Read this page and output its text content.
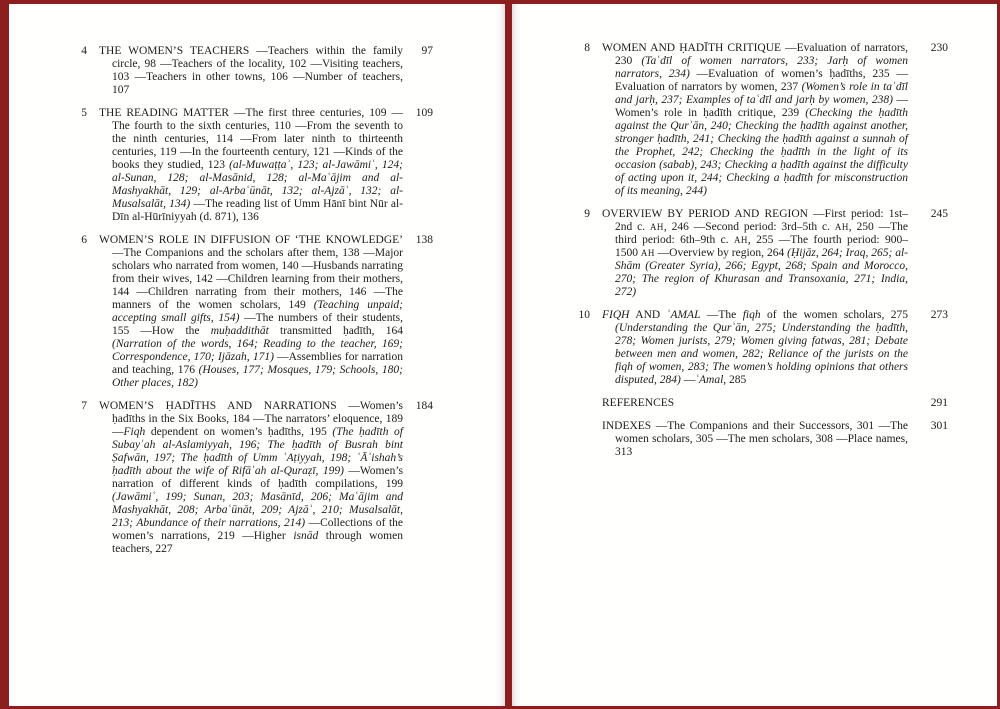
4 THE WOMEN’S TEACHERS —Teachers within the family circle, 98 —Teachers of the locality, 102 —Visiting teachers, 103 —Teachers in other towns, 106 —Number of teachers, 107

97
5 THE READING MATTER —The first three centuries, 109 —The fourth to the sixth centuries, 110 —From the seventh to the ninth centuries, 114 —From later ninth to thirteenth centuries, 119 —In the fourteenth century, 121 —Kinds of the books they studied, 123 (al-Muwaṭṭaʾ, 123; al-Jawāmiʿ, 124; al-Sunan, 128; al-Masānid, 128; al-Maʿājim and al-Mashyakhāt, 129; al-Arbaʿūnāt, 132; al-Ajzāʾ, 132; al-Musalsalāt, 134) —The reading list of Umm Hānī bint Nūr al-Dīn al-Hūrīniyyah (d. 871), 136

109
6 WOMEN’S ROLE IN DIFFUSION OF ‘THE KNOWLEDGE’ —The Companions and the scholars after them, 138 —Major scholars who narrated from women, 140 —Husbands narrating from their wives, 142 —Children learning from their mothers, 144 —Children narrating from their mothers, 146 —The manners of the women scholars, 149 (Teaching unpaid; accepting small gifts, 154) —The numbers of their students, 155 —How the muḥaddithāt transmitted ḥadīth, 164 (Narration of the words, 164; Reading to the teacher, 169; Correspondence, 170; Ijāzah, 171) —Assemblies for narration and teaching, 176 (Houses, 177; Mosques, 179; Schools, 180; Other places, 182)

138
7 WOMEN’S ḤADĪTHS AND NARRATIONS —Women’s ḥadīths in the Six Books, 184 —The narrators’ eloquence, 189 —Fiqh dependent on women’s ḥadīths, 195 (The ḥadīth of Subayʿah al-Aslamiyyah, 196; The ḥadīth of Busrah bint Ṣafwān, 197; The ḥadīth of Umm ʿAṭiyyah, 198; ʿĀʾishah’s ḥadīth about the wife of Rifāʿah al-Quraẓī, 199) —Women’s narration of different kinds of ḥadīth compilations, 199 (Jawāmiʿ, 199; Sunan, 203; Masānīd, 206; Maʿājim and Mashyakhāt, 208; Arbaʿūnāt, 209; Ajzāʾ, 210; Musalsalāt, 213; Abundance of their narrations, 214) —Collections of the women’s narrations, 219 —Higher isnād through women teachers, 227

184
8 WOMEN AND ḤADĪTH CRITIQUE —Evaluation of narrators, 230 (Taʿdīl of women narrators, 233; Jarḥ of women narrators, 234) —Evaluation of women’s ḥadīths, 235 —Evaluation of narrators by women, 237 (Women’s role in taʿdīl and jarḥ, 237; Examples of taʿdīl and jarḥ by women, 238) —Women’s role in ḥadīth critique, 239 (Checking the ḥadīth against the Qurʾān, 240; Checking the ḥadīth against another, stronger ḥadīth, 241; Checking the ḥadīth against a sunnah of the Prophet, 242; Checking the ḥadīth in the light of its occasion (sabab), 243; Checking a ḥadīth against the difficulty of acting upon it, 244; Checking a ḥadīth for misconstruction of its meaning, 244)

230
9 OVERVIEW BY PERIOD AND REGION —First period: 1st–2nd c. AH, 246 —Second period: 3rd–5th c. AH, 250 —The third period: 6th–9th c. AH, 255 —The fourth period: 900–1500 AH —Overview by region, 264 (Ḥijāz, 264; Iraq, 265; al-Shām (Greater Syria), 266; Egypt, 268; Spain and Morocco, 270; The region of Khurasan and Transoxania, 271; India, 272)

245
10 FIQH AND ʿAMAL —The fiqh of the women scholars, 275 (Understanding the Qurʾān, 275; Understanding the ḥadīth, 278; Women jurists, 279; Women giving fatwas, 281; Debate between men and women, 282; Reliance of the jurists on the fiqh of women, 283; The women’s holding opinions that others disputed, 284) —ʿAmal, 285

273

REFERENCES	291

INDEXES —The Companions and their Successors, 301 —The women scholars, 305 —The men scholars, 308 —Place names, 313

301
